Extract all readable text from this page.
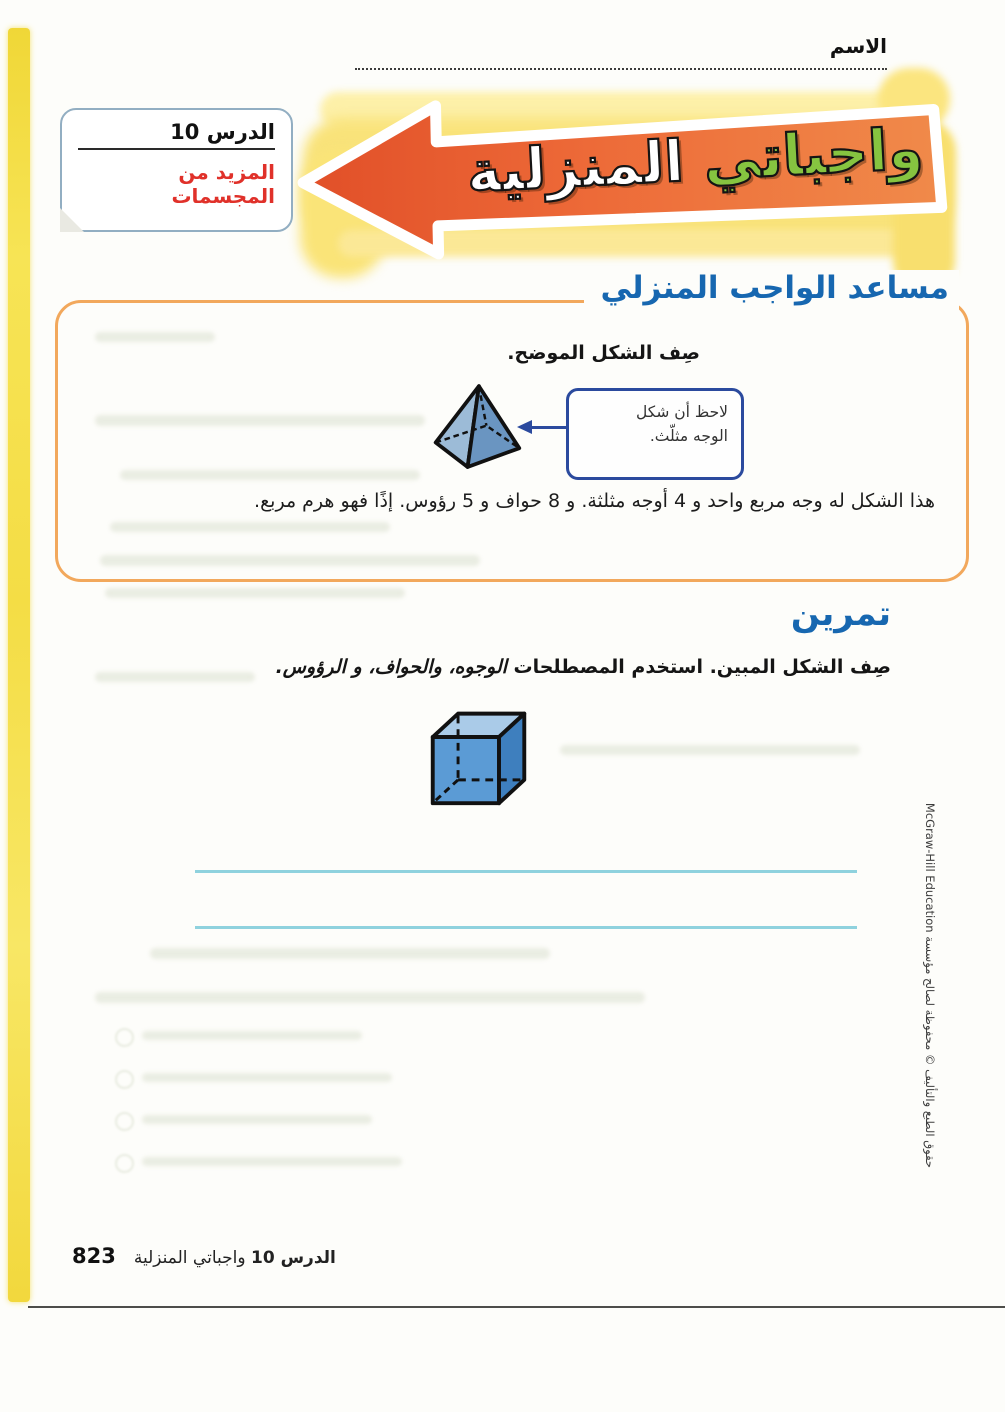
الاسم
واجباتي المنزلية
الدرس 10
المزيد من المجسمات
مساعد الواجب المنزلي
صِف الشكل الموضح.
لاحظ أن شكل
الوجه مثلّث.
هذا الشكل له وجه مربع واحد و 4 أوجه مثلثة. و 8 حواف و 5 رؤوس. إذًا فهو هرم مربع.
تمرين
صِف الشكل المبين. استخدم المصطلحات الوجوه، والحواف، و الرؤوس.
حقوق الطبع والتأليف © محفوظة لصالح مؤسسة McGraw-Hill Education
823	الدرس 10 واجباتي المنزلية
